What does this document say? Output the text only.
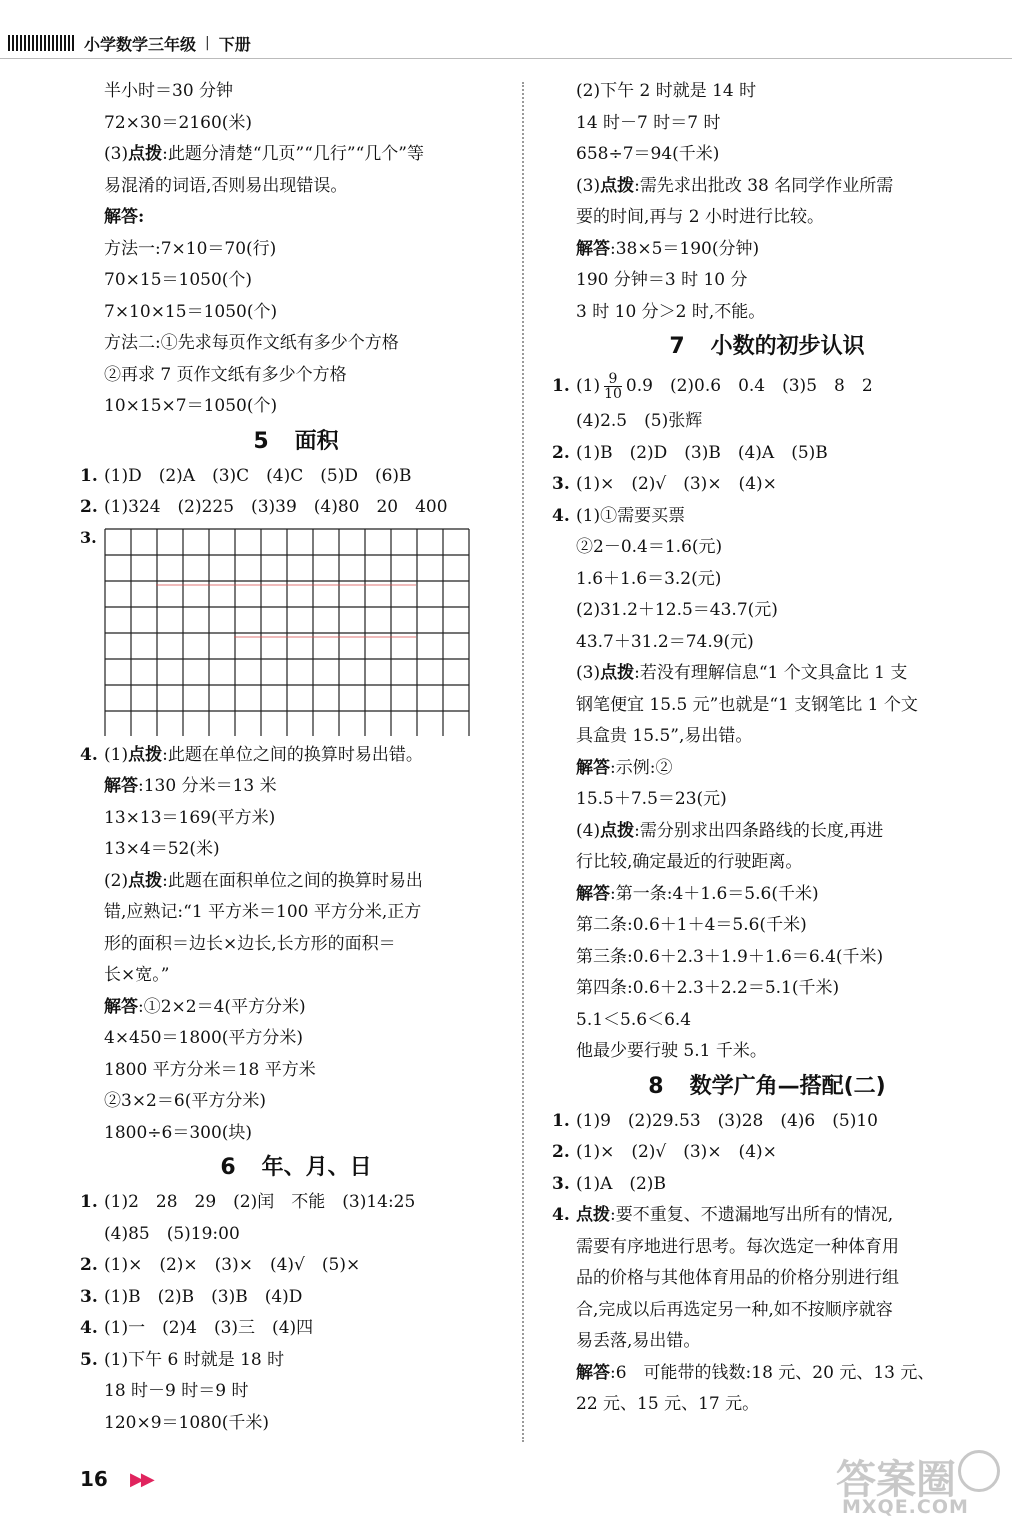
小学数学三年级 | 下册
半小时＝30 分钟
72×30＝2160(米)
(3)点拨:此题分清楚“几页”“几行”“几个”等
易混淆的词语,否则易出现错误。
解答:
方法一:7×10＝70(行)
70×15＝1050(个)
7×10×15＝1050(个)
方法二:①先求每页作文纸有多少个方格
②再求 7 页作文纸有多少个方格
10×15×7＝1050(个)
5 面积
1. (1)D　(2)A　(3)C　(4)C　(5)D　(6)B
2. (1)324　(2)225　(3)39　(4)80　20　400
3.
4. (1)点拨:此题在单位之间的换算时易出错。
解答:130 分米＝13 米
13×13＝169(平方米)
13×4＝52(米)
(2)点拨:此题在面积单位之间的换算时易出
错,应熟记:“1 平方米＝100 平方分米,正方
形的面积＝边长×边长,长方形的面积＝
长×宽。”
解答:①2×2＝4(平方分米)
4×450＝1800(平方分米)
1800 平方分米＝18 平方米
②3×2＝6(平方分米)
1800÷6＝300(块)
6 年、月、日
1. (1)2　28　29　(2)闰　不能　(3)14:25
(4)85　(5)19:00
2. (1)×　(2)×　(3)×　(4)√　(5)×
3. (1)B　(2)B　(3)B　(4)D
4. (1)一　(2)4　(3)三　(4)四
5. (1)下午 6 时就是 18 时
18 时－9 时＝9 时
120×9＝1080(千米)
(2)下午 2 时就是 14 时
14 时－7 时＝7 时
658÷7＝94(千米)
(3)点拨:需先求出批改 38 名同学作业所需
要的时间,再与 2 小时进行比较。
解答:38×5＝190(分钟)
190 分钟＝3 时 10 分
3 时 10 分＞2 时,不能。
7 小数的初步认识
1. $(1) \frac{9}{10} 0.9$　(2)0.6　0.4　(3)5　8　2
(4)2.5　(5)张辉
2. (1)B　(2)D　(3)B　(4)A　(5)B
3. (1)×　(2)√　(3)×　(4)×
4. (1)①需要买票
②2－0.4＝1.6(元)
1.6＋1.6＝3.2(元)
(2)31.2＋12.5＝43.7(元)
43.7＋31.2＝74.9(元)
(3)点拨:若没有理解信息“1 个文具盒比 1 支
钢笔便宜 15.5 元”也就是“1 支钢笔比 1 个文
具盒贵 15.5”,易出错。
解答:示例:②
15.5＋7.5＝23(元)
(4)点拨:需分别求出四条路线的长度,再进
行比较,确定最近的行驶距离。
解答:第一条:4＋1.6＝5.6(千米)
第二条:0.6＋1＋4＝5.6(千米)
第三条:0.6＋2.3＋1.9＋1.6＝6.4(千米)
第四条:0.6＋2.3＋2.2＝5.1(千米)
5.1＜5.6＜6.4
他最少要行驶 5.1 千米。
8 数学广角—搭配(二)
1. (1)9　(2)29.53　(3)28　(4)6　(5)10
2. (1)×　(2)√　(3)×　(4)×
3. (1)A　(2)B
4. 点拨:要不重复、不遗漏地写出所有的情况,
需要有序地进行思考。每次选定一种体育用
品的价格与其他体育用品的价格分别进行组
合,完成以后再选定另一种,如不按顺序就容
易丢落,易出错。
解答:6　可能带的钱数:18 元、20 元、13 元、
22 元、15 元、17 元。
16 ▶▶	答案圈
MXQE.COM
